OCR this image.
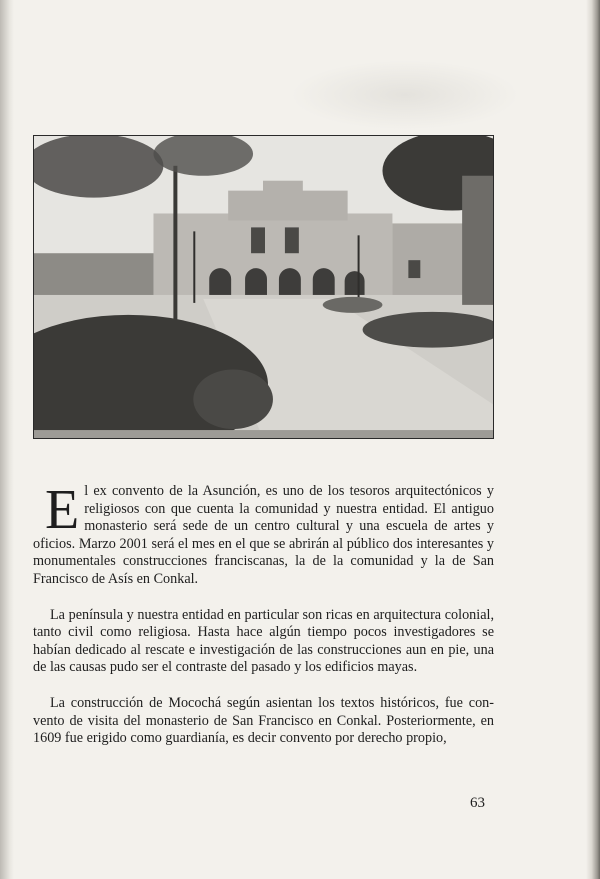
El ex convento de la Asunción, es uno de los tesoros arquitectónicos y religiosos con que cuenta la comunidad y nuestra entidad. El antiguo monasterio será sede de un centro cultural y una escuela de artes y oficios. Marzo 2001 será el mes en el que se abrirán al público dos interesantes y monumentales construcciones franciscanas, la de la comunidad y la de San Francisco de Asís en Conkal.

La península y nuestra entidad en particular son ricas en arquitectura colonial, tanto civil como religiosa. Hasta hace algún tiempo pocos investigadores se habían dedicado al rescate e investigación de las construcciones aun en pie, una de las causas pudo ser el contraste del pasado y los edificios mayas.

La construcción de Mocochá según asientan los textos históricos, fue convento de visita del monasterio de San Francisco en Conkal. Posteriormente, en 1609 fue erigido como guardianía, es decir convento por derecho propio,

63
